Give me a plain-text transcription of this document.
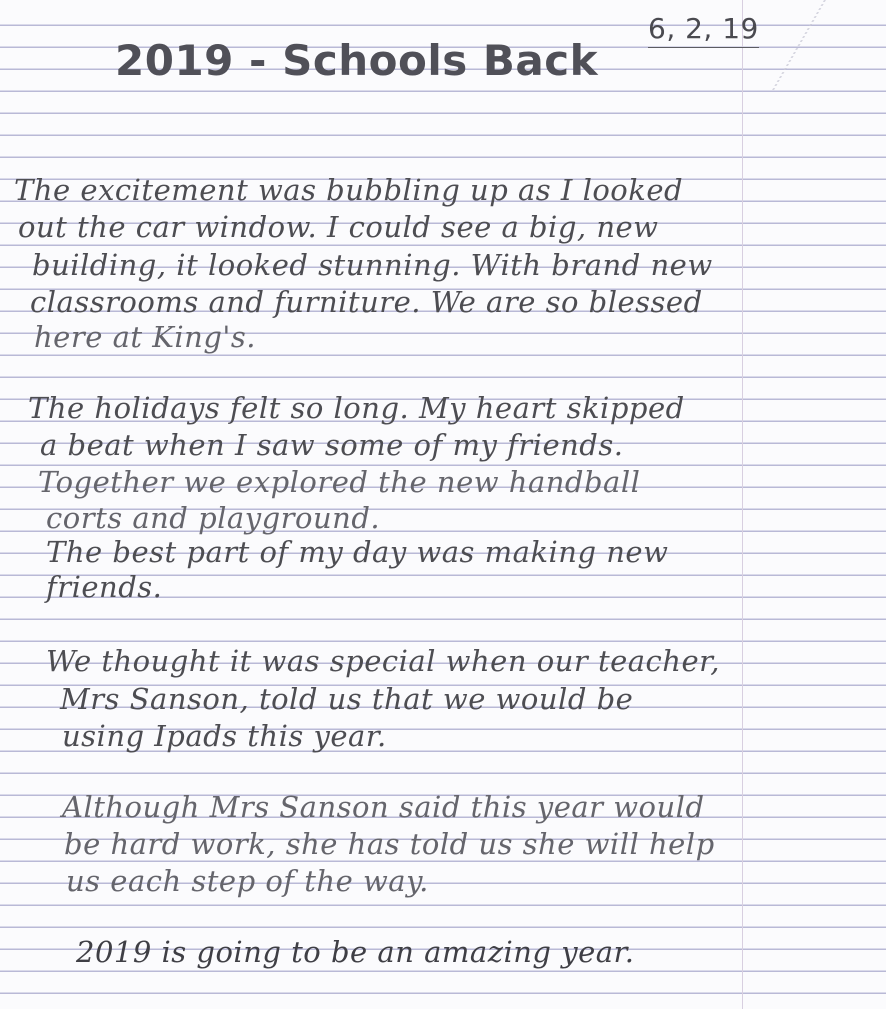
6, 2, 19

2019 - Schools Back

The excitement was bubbling up as I looked

out the car window. I could see a big, new

building, it looked stunning. With brand new

classrooms and furniture. We are so blessed

here at King's.

The holidays felt so long. My heart skipped

a beat when I saw some of my friends.

Together we explored the new handball

corts and playground.

The best part of my day was making new

friends.

We thought it was special when our teacher,

Mrs Sanson, told us that we would be

using Ipads this year.

Although Mrs Sanson said this year would

be hard work, she has told us she will help

us each step of the way.

2019 is going to be an amazing year.
